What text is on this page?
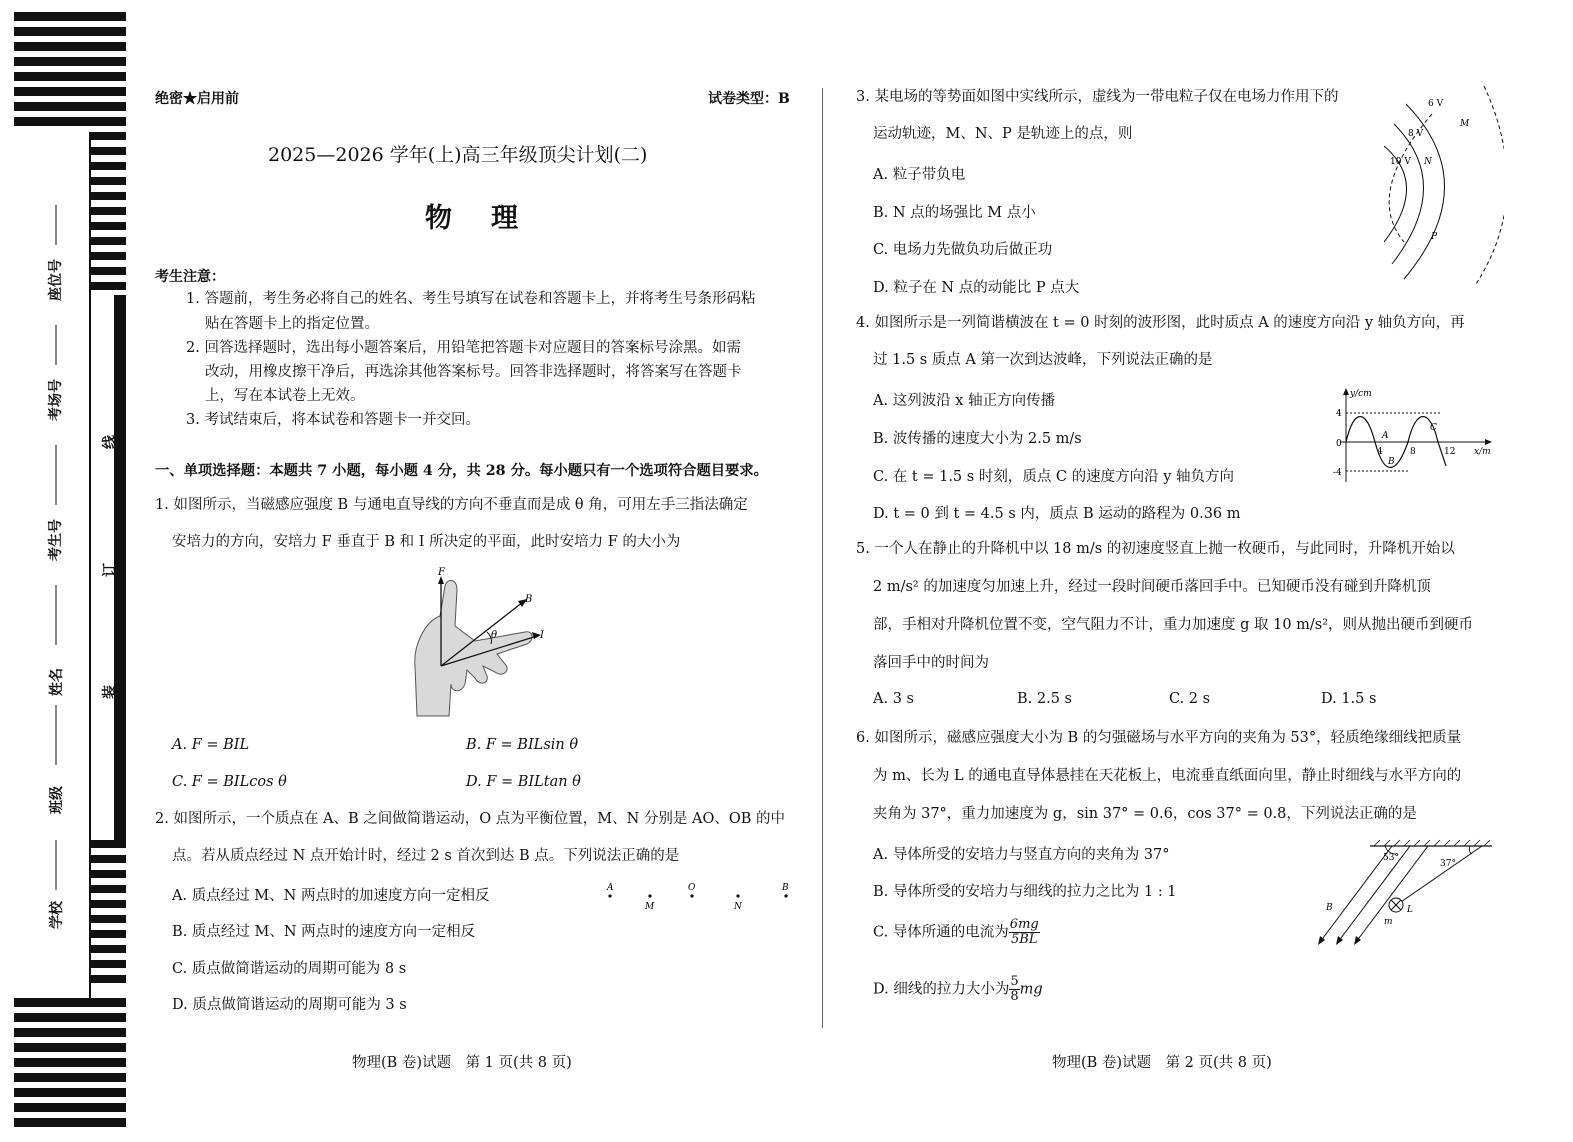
座位号
考场号
考生号
姓名
班级
学校
线
订
装
绝密★启用前	试卷类型：B
2025—2026 学年(上)高三年级顶尖计划(二)
物　理
考生注意：
1. 答题前，考生务必将自己的姓名、考生号填写在试卷和答题卡上，并将考生号条形码粘
贴在答题卡上的指定位置。
2. 回答选择题时，选出每小题答案后，用铅笔把答题卡对应题目的答案标号涂黑。如需
改动，用橡皮擦干净后，再选涂其他答案标号。回答非选择题时，将答案写在答题卡
上，写在本试卷上无效。
3. 考试结束后，将本试卷和答题卡一并交回。
一、单项选择题：本题共 7 小题，每小题 4 分，共 28 分。每小题只有一个选项符合题目要求。
1. 如图所示，当磁感应强度 B 与通电直导线的方向不垂直而是成 θ 角，可用左手三指法确定
安培力的方向，安培力 F 垂直于 B 和 I 所决定的平面，此时安培力 F 的大小为
F
B
θ	I
A. F = BIL	B. F = BILsin θ
C. F = BILcos θ	D. F = BILtan θ
2. 如图所示，一个质点在 A、B 之间做简谐运动，O 点为平衡位置，M、N 分别是 AO、OB 的中
点。若从质点经过 N 点开始计时，经过 2 s 首次到达 B 点。下列说法正确的是
A
M
O
N
B
A. 质点经过 M、N 两点时的加速度方向一定相反
B. 质点经过 M、N 两点时的速度方向一定相反
C. 质点做简谐运动的周期可能为 8 s
D. 质点做简谐运动的周期可能为 3 s
3. 某电场的等势面如图中实线所示，虚线为一带电粒子仅在电场力作用下的
运动轨迹，M、N、P 是轨迹上的点，则
6 V
8 V
10 V
M
N
P
A. 粒子带负电
B. N 点的场强比 M 点小
C. 电场力先做负功后做正功
D. 粒子在 N 点的动能比 P 点大
4. 如图所示是一列简谐横波在 t = 0 时刻的波形图，此时质点 A 的速度方向沿 y 轴负方向，再
过 1.5 s 质点 A 第一次到达波峰，下列说法正确的是
y/cm
x/m
4
0
-4
4	8	12
A
B
C
A. 这列波沿 x 轴正方向传播
B. 波传播的速度大小为 2.5 m/s
C. 在 t = 1.5 s 时刻，质点 C 的速度方向沿 y 轴负方向
D. t = 0 到 t = 4.5 s 内，质点 B 运动的路程为 0.36 m
5. 一个人在静止的升降机中以 18 m/s 的初速度竖直上抛一枚硬币，与此同时，升降机开始以
2 m/s² 的加速度匀加速上升，经过一段时间硬币落回手中。已知硬币没有碰到升降机顶
部，手相对升降机位置不变，空气阻力不计，重力加速度 g 取 10 m/s²，则从抛出硬币到硬币
落回手中的时间为
A. 3 s	B. 2.5 s	C. 2 s	D. 1.5 s
6. 如图所示，磁感应强度大小为 B 的匀强磁场与水平方向的夹角为 53°，轻质绝缘细线把质量
为 m、长为 L 的通电直导体悬挂在天花板上，电流垂直纸面向里，静止时细线与水平方向的
夹角为 37°，重力加速度为 g，sin 37° = 0.6，cos 37° = 0.8，下列说法正确的是
53°
37°
B	L
m
A. 导体所受的安培力与竖直方向的夹角为 37°
B. 导体所受的安培力与细线的拉力之比为 1 : 1
C. 导体所通的电流为 $\frac{6mg}{5BL}$
D. 细线的拉力大小为 $\frac{5}{8}$ mg
物理(B 卷)试题　第 1 页(共 8 页)	物理(B 卷)试题　第 2 页(共 8 页)
